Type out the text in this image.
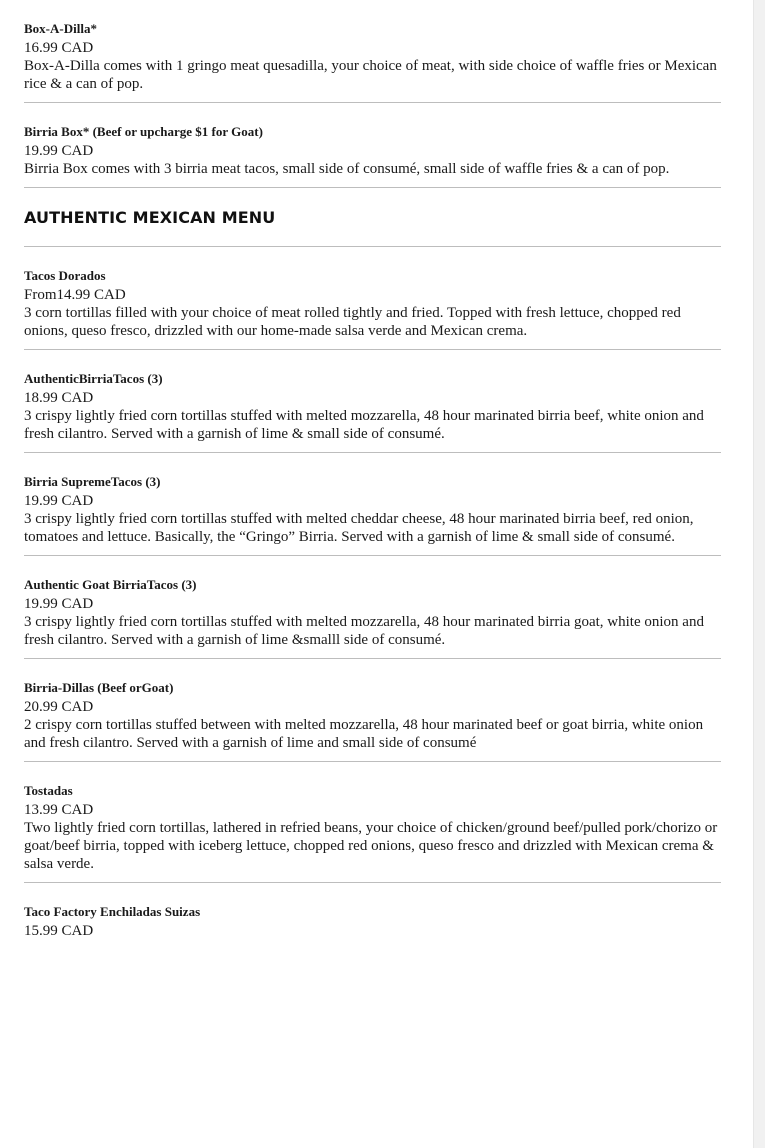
Box-A-Dilla*

16.99 CAD

Box-A-Dilla comes with 1 gringo meat quesadilla, your choice of meat, with side choice of waffle fries or Mexican rice & a can of pop.

Birria Box* (Beef or upcharge $1 for Goat)

19.99 CAD

Birria Box comes with 3 birria meat tacos, small side of consumé, small side of waffle fries & a can of pop.

AUTHENTIC MEXICAN MENU

Tacos Dorados

From14.99 CAD

3 corn tortillas filled with your choice of meat rolled tightly and fried. Topped with fresh lettuce, chopped red onions, queso fresco, drizzled with our home-made salsa verde and Mexican crema.

AuthenticBirriaTacos (3)

18.99 CAD

3 crispy lightly fried corn tortillas stuffed with melted mozzarella, 48 hour marinated birria beef, white onion and fresh cilantro. Served with a garnish of lime & small side of consumé.

Birria SupremeTacos (3)

19.99 CAD

3 crispy lightly fried corn tortillas stuffed with melted cheddar cheese, 48 hour marinated birria beef, red onion, tomatoes and lettuce. Basically, the “Gringo” Birria. Served with a garnish of lime & small side of consumé.

Authentic Goat BirriaTacos (3)

19.99 CAD

3 crispy lightly fried corn tortillas stuffed with melted mozzarella, 48 hour marinated birria goat, white onion and fresh cilantro. Served with a garnish of lime &smalll side of consumé.

Birria-Dillas (Beef orGoat)

20.99 CAD

2 crispy corn tortillas stuffed between with melted mozzarella, 48 hour marinated beef or goat birria, white onion and fresh cilantro. Served with a garnish of lime and small side of consumé

Tostadas

13.99 CAD

Two lightly fried corn tortillas, lathered in refried beans, your choice of chicken/ground beef/pulled pork/chorizo or goat/beef birria, topped with iceberg lettuce, chopped red onions, queso fresco and drizzled with Mexican crema & salsa verde.

Taco Factory Enchiladas Suizas

15.99 CAD
